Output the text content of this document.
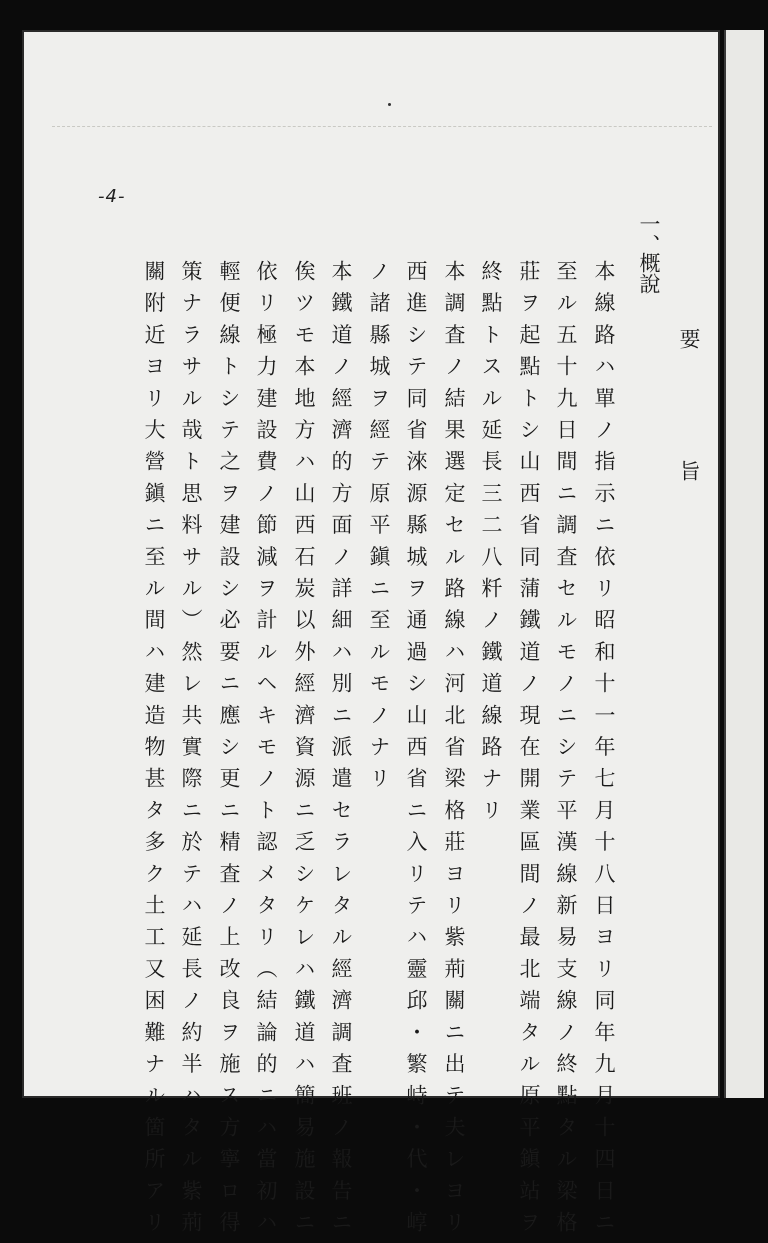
要
旨
一、
概說
本線路ハ單ノ指示ニ依リ昭和十一年七月十八日ヨリ同年九月十四日ニ
至ル五十九日間ニ調査セルモノニシテ平漢線新易支線ノ終點タル梁格
莊ヲ起點トシ山西省同蒲鐵道ノ現在開業區間ノ最北端タル原平鎭站ヲ
終點トスル延長三二八粁ノ鐵道線路ナリ
本調査ノ結果選定セル路線ハ河北省梁格莊ヨリ紫荊關ニ出テ夫レヨリ
西進シテ同省淶源縣城ヲ通過シ山西省ニ入リテハ靈邱・繁峙・代・崞
ノ諸縣城ヲ經テ原平鎭ニ至ルモノナリ
本鐵道ノ經濟的方面ノ詳細ハ別ニ派遣セラレタル經濟調査班ノ報告ニ
俟ツモ本地方ハ山西石炭以外經濟資源ニ乏シケレハ鐵道ハ簡易施設ニ
依リ極力建設費ノ節減ヲ計ルヘキモノト認メタリ（結論的ニハ當初ハ
輕便線トシテ之ヲ建設シ必要ニ應シ更ニ精査ノ上改良ヲ施ス方寧ロ得
策ナラサル哉ト思料サル）然レ共實際ニ於テハ延長ノ約半ハタル紫荊
關附近ヨリ大營鎭ニ至ル間ハ建造物甚タ多ク土工又困難ナル箇所アリ
-4-
